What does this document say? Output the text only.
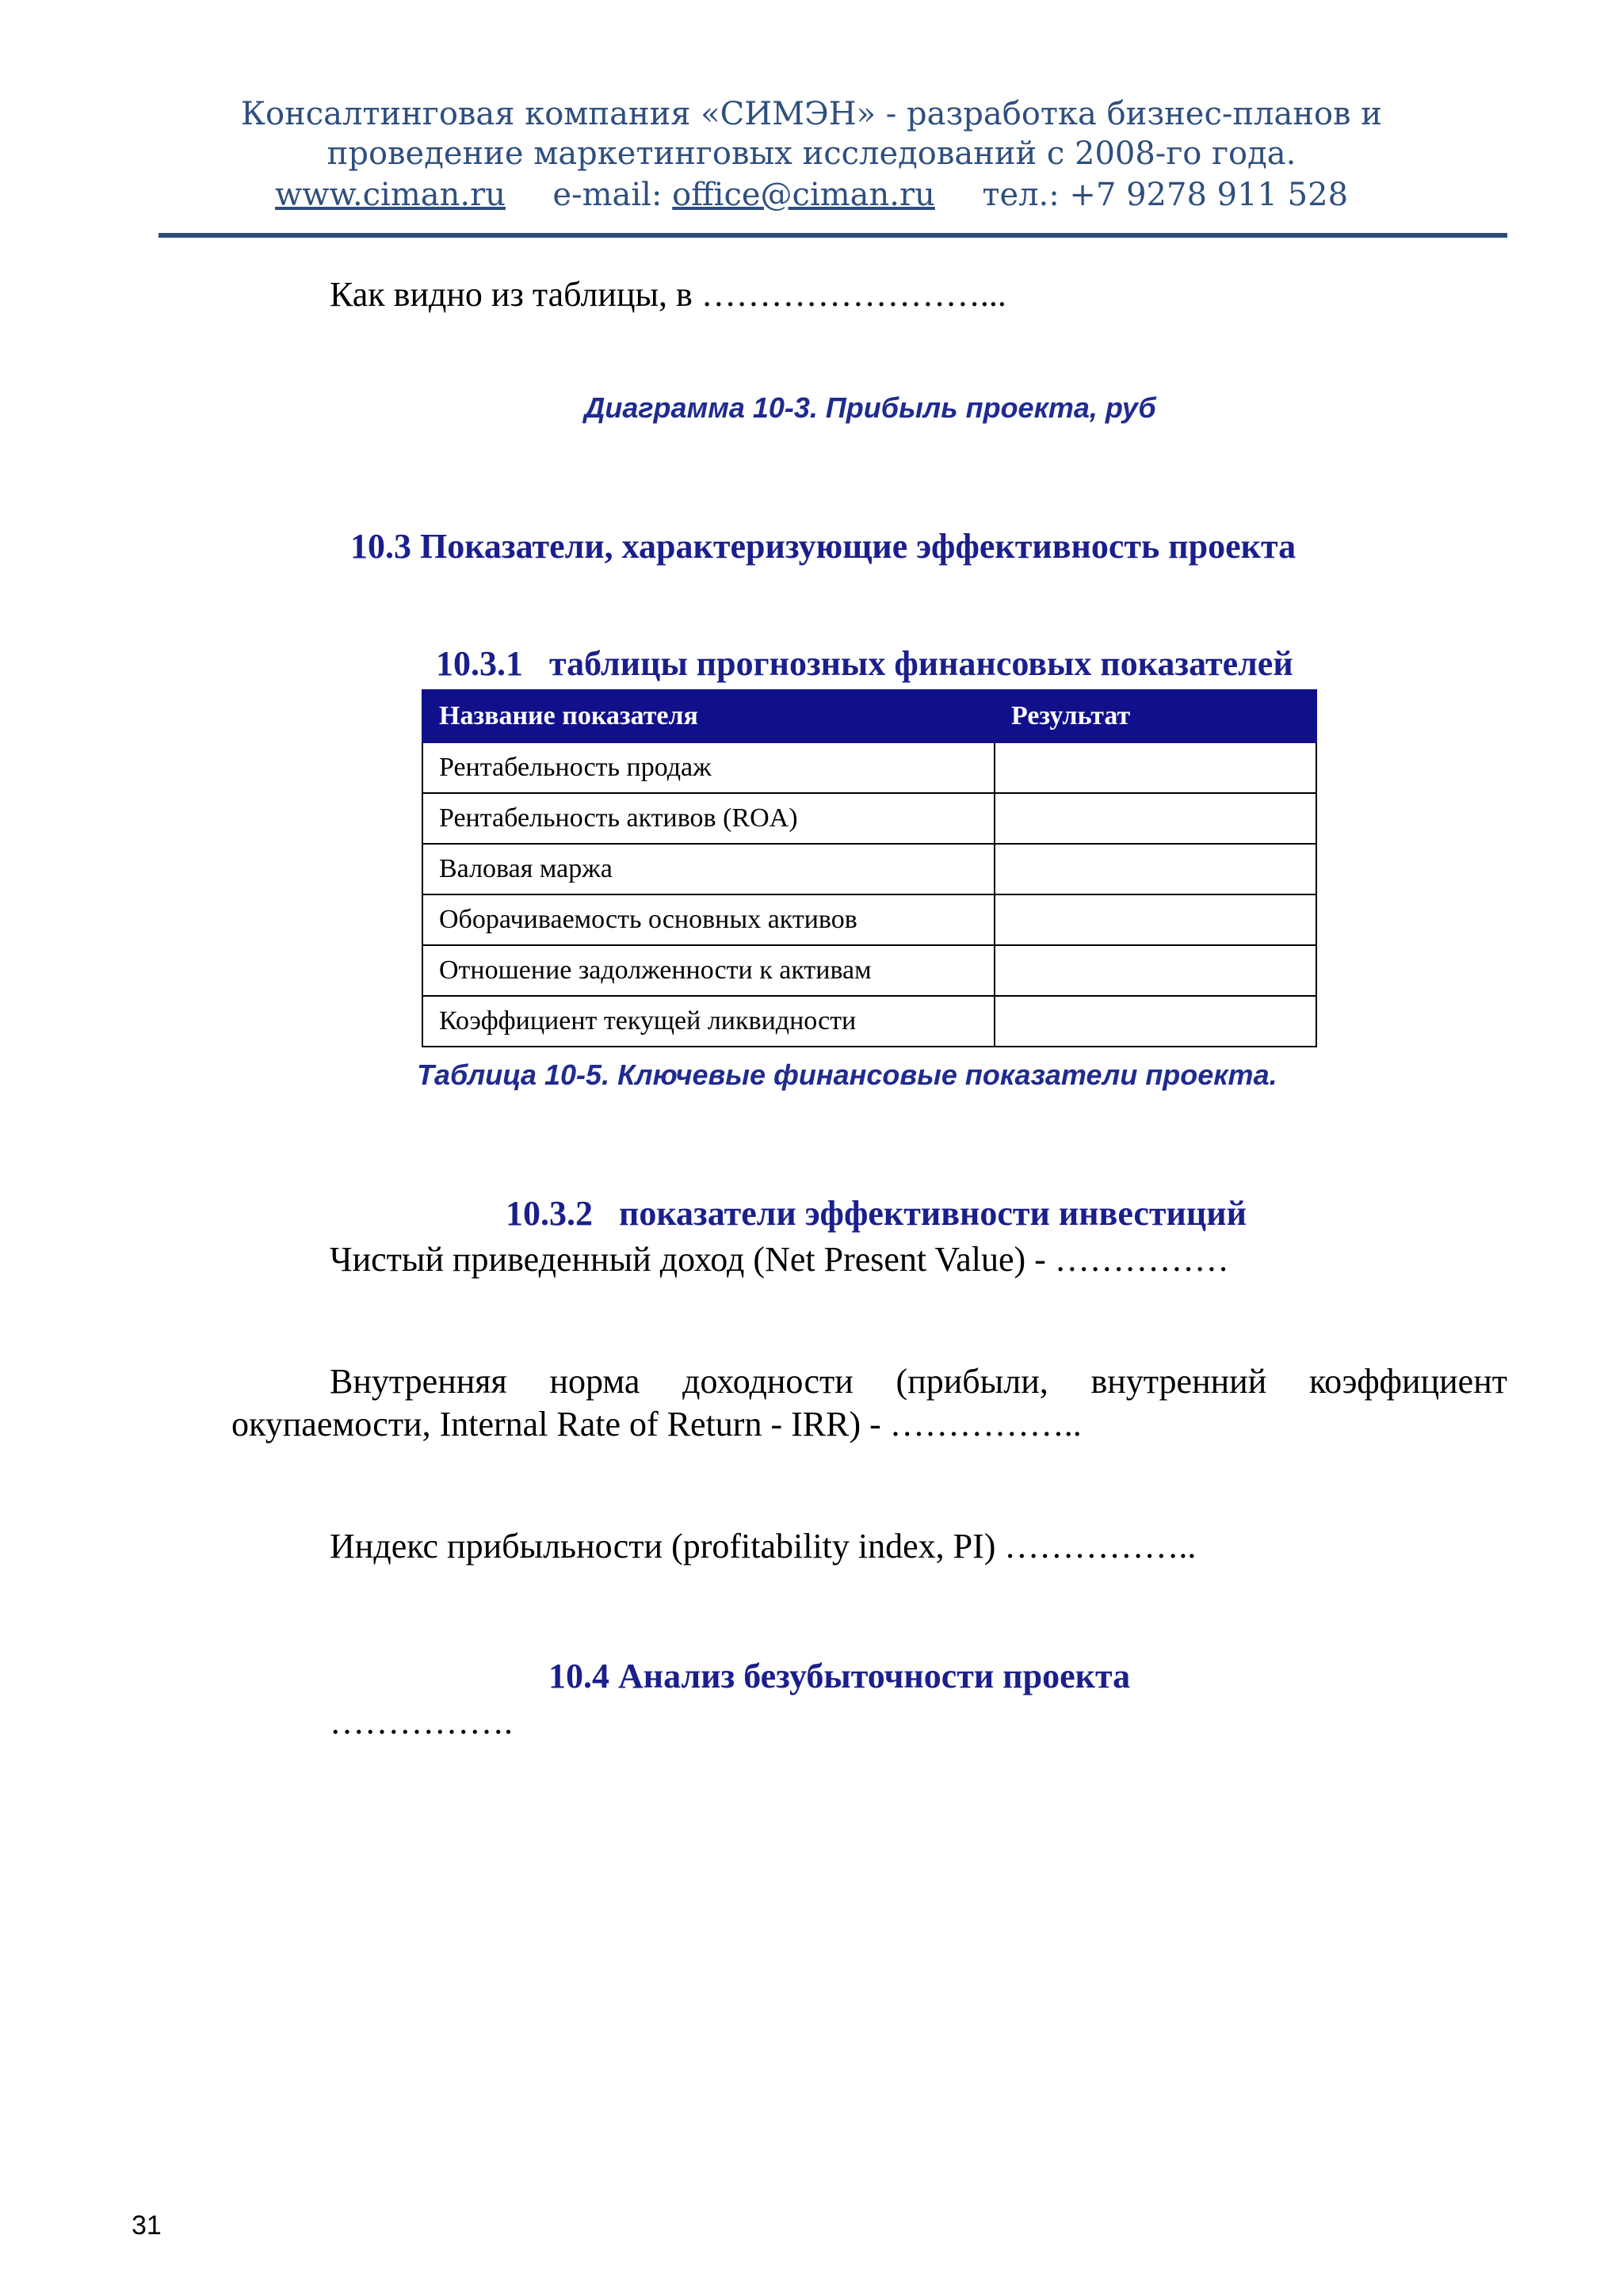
Консалтинговая компания «СИМЭН» - разработка бизнес-планов и
проведение маркетинговых исследований с 2008-го года.
www.ciman.ru e-mail: office@ciman.ru тел.: +7 9278 911 528
Как видно из таблицы, в ……………………...
Диаграмма 10-3. Прибыль проекта, руб
10.3 Показатели, характеризующие эффективность проекта
10.3.1   таблицы прогнозных финансовых показателей
Название показателя	Результат
Рентабельность продаж	
Рентабельность активов (ROA)	
Валовая маржа	
Оборачиваемость основных активов	
Отношение задолженности к активам	
Коэффициент текущей ликвидности	
Таблица 10-5. Ключевые финансовые показатели проекта.
10.3.2   показатели эффективности инвестиций
Чистый приведенный доход (Net Present Value) - ……………
Внутренняя норма доходности (прибыли, внутренний коэффициент
окупаемости, Internal Rate of Return - IRR) - ……………..
Индекс прибыльности (profitability index, PI) ……………..
10.4 Анализ безубыточности проекта
…………….
31
